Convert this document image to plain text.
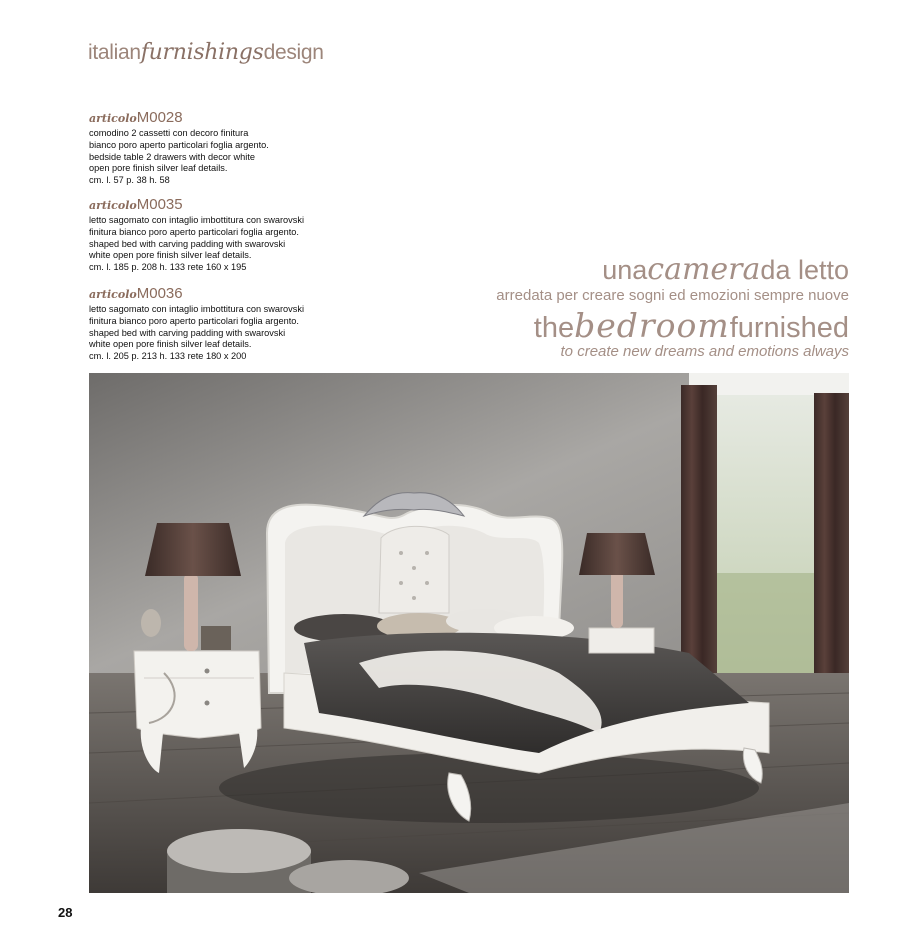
italianfurnishingsdesign
articoloM0028
comodino 2 cassetti con decoro finitura
bianco poro aperto particolari foglia argento.
bedside table 2 drawers with decor white
open pore finish silver leaf details.
cm. l. 57 p. 38 h. 58
articoloM0035
letto sagomato con intaglio imbottitura con swarovski
finitura bianco poro aperto particolari foglia argento.
shaped bed with carving padding with swarovski
white open pore finish silver leaf details.
cm. l. 185 p. 208 h. 133 rete 160 x 195
articoloM0036
letto sagomato con intaglio imbottitura con swarovski
finitura bianco poro aperto particolari foglia argento.
shaped bed with carving padding with swarovski
white open pore finish silver leaf details.
cm. l. 205 p. 213 h. 133 rete 180 x 200
unacamerada letto
arredata per creare sogni ed emozioni sempre nuove
thebedroomfurnished
to create new dreams and emotions always
28
